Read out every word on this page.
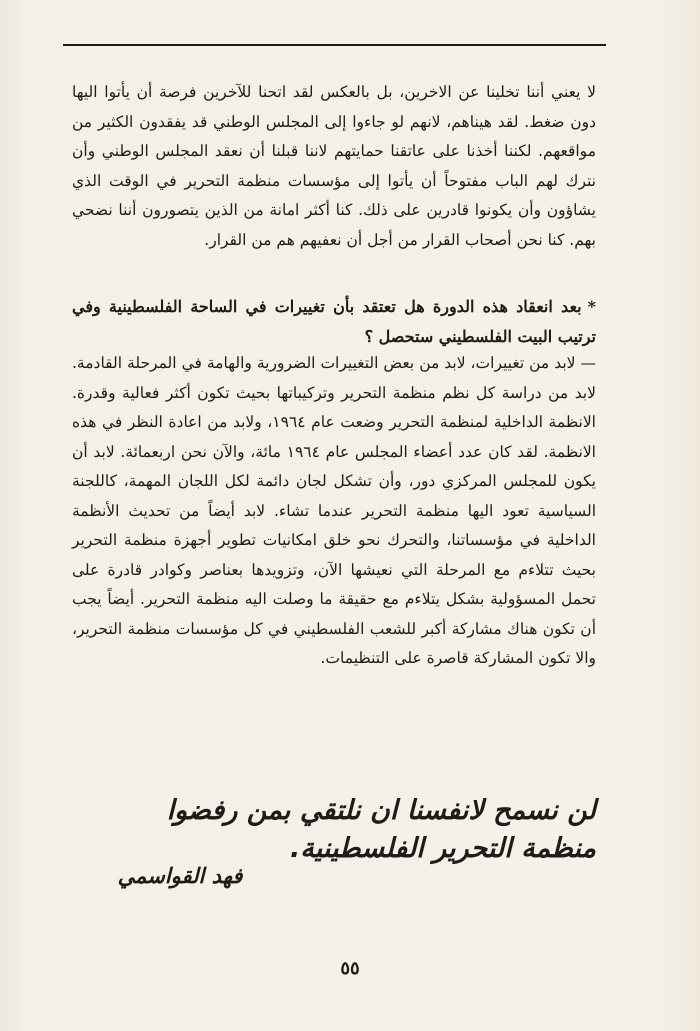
لا يعني أننا تخلينا عن الاخرين، بل بالعكس لقد اتحنا للآخرين فرصة أن يأتوا اليها دون ضغط. لقد هيناهم، لانهم لو جاءوا إلى المجلس الوطني قد يفقدون الكثير من مواقعهم. لكننا أخذنا على عاتقنا حمايتهم لاننا قبلنا أن نعقد المجلس الوطني وأن نترك لهم الباب مفتوحاً أن يأتوا إلى مؤسسات منظمة التحرير في الوقت الذي يشاؤون وأن يكونوا قادرين على ذلك. كنا أكثر امانة من الذين يتصورون أننا نضحي بهم. كنا نحن أصحاب القرار من أجل أن نعفيهم هم من القرار.

*بعد انعقاد هذه الدورة هل تعتقد بأن تغييرات في الساحة الفلسطينية وفي ترتيب البيت الفلسطيني ستحصل ؟

— لابد من تغييرات، لابد من بعض التغييرات الضرورية والهامة في المرحلة القادمة. لابد من دراسة كل نظم منظمة التحرير وتركيباتها بحيث تكون أكثر فعالية وقدرة. الانظمة الداخلية لمنظمة التحرير وضعت عام ١٩٦٤، ولابد من اعادة النظر في هذه الانظمة. لقد كان عدد أعضاء المجلس عام ١٩٦٤ مائة، والآن نحن اربعمائة. لابد أن يكون للمجلس المركزي دور، وأن تشكل لجان دائمة لكل اللجان المهمة، كاللجنة السياسية تعود اليها منظمة التحرير عندما تشاء. لابد أيضاً من تحديث الأنظمة الداخلية في مؤسساتنا، والتحرك نحو خلق امكانيات تطوير أجهزة منظمة التحرير بحيث تتلاءم مع المرحلة التي نعيشها الآن، وتزويدها بعناصر وكوادر قادرة على تحمل المسؤولية بشكل يتلاءم مع حقيقة ما وصلت اليه منظمة التحرير. أيضاً يجب أن تكون هناك مشاركة أكبر للشعب الفلسطيني في كل مؤسسات منظمة التحرير، والا تكون المشاركة قاصرة على التنظيمات.

لن نسمح لانفسنا ان نلتقي بمن رفضوا منظمة التحرير الفلسطينية.
فهد القواسمي
٥٥
